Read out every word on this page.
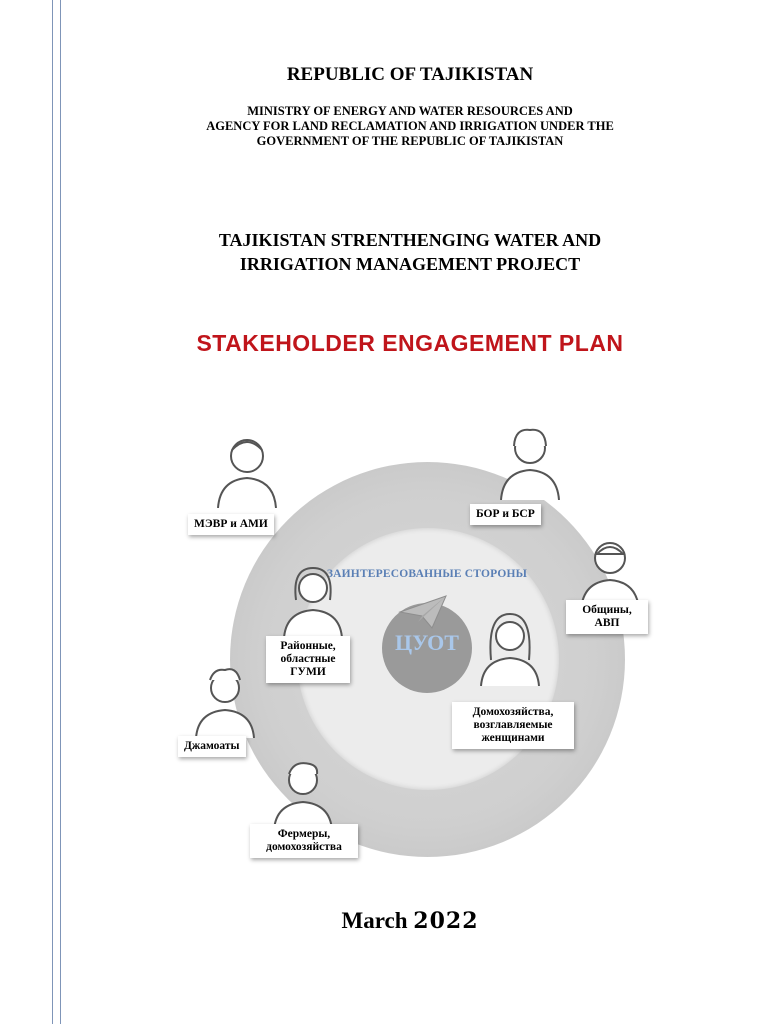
REPUBLIC OF TAJIKISTAN
MINISTRY OF ENERGY AND WATER RESOURCES AND
AGENCY FOR LAND RECLAMATION AND IRRIGATION UNDER THE
GOVERNMENT OF THE REPUBLIC OF TAJIKISTAN
TAJIKISTAN STRENTHENGING WATER AND
IRRIGATION MANAGEMENT PROJECT
STAKEHOLDER ENGAGEMENT PLAN
ЦУОТ
ЗАИНТЕРЕСОВАННЫЕ СТОРОНЫ
МЭВР и АМИ
БОР и БСР
Общины,
АВП
Районные,
областные
ГУМИ
Домохозяйства,
возглавляемые
женщинами
Джамоаты
Фермеры,
домохозяйства
March 2022
